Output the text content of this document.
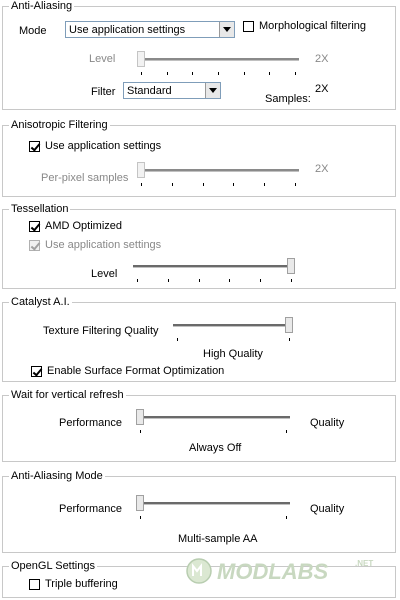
Anti-Aliasing
Mode Use application settings	Morphological filtering
Level	2X
Filter Standard
Samples:
2X
Anisotropic Filtering
Use application settings
Per-pixel samples
2X
Tessellation
AMD Optimized
Use application settings
Level
Catalyst A.I.
Texture Filtering Quality
High Quality
Enable Surface Format Optimization
Wait for vertical refresh
Performance	Quality
Always Off
Anti-Aliasing Mode
Performance	Quality
Multi-sample AA
OpenGL Settings
Triple buffering	MODLABS	.NET
